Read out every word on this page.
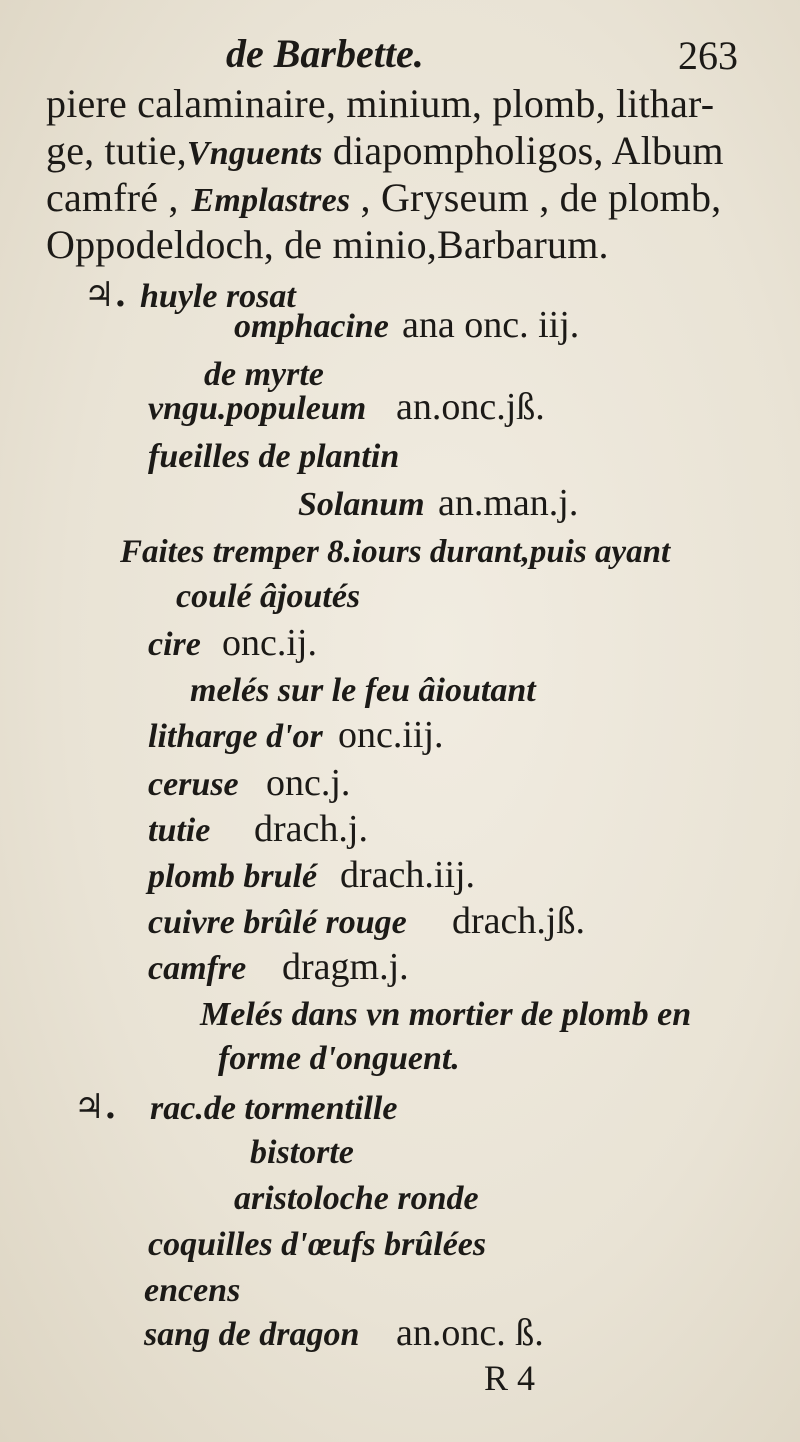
de Barbette.	263
piere calaminaire, minium, plomb, lithar-
ge, tutie,Vnguents diapompholigos, Album
camfré , Emplastres , Gryseum , de plomb,
Oppodeldoch, de minio,Barbarum.
♃. huyle rosat
omphacine ana onc. iij.
de myrte
vngu.populeum an.onc.jß.
fueilles de plantin
Solanum an.man.j.
Faites tremper 8.iours durant,puis ayant
coulé âjoutés
cire onc.ij.
melés sur le feu âioutant
litharge d'or onc.iij.
ceruse onc.j.
tutie drach.j.
plomb brulé drach.iij.
cuivre brûlé rouge drach.jß.
camfre dragm.j.
Melés dans vn mortier de plomb en
forme d'onguent.
♃. rac.de tormentille
bistorte
aristoloche ronde
coquilles d'œufs brûlées
encens
sang de dragon an.onc. ß.
R 4
